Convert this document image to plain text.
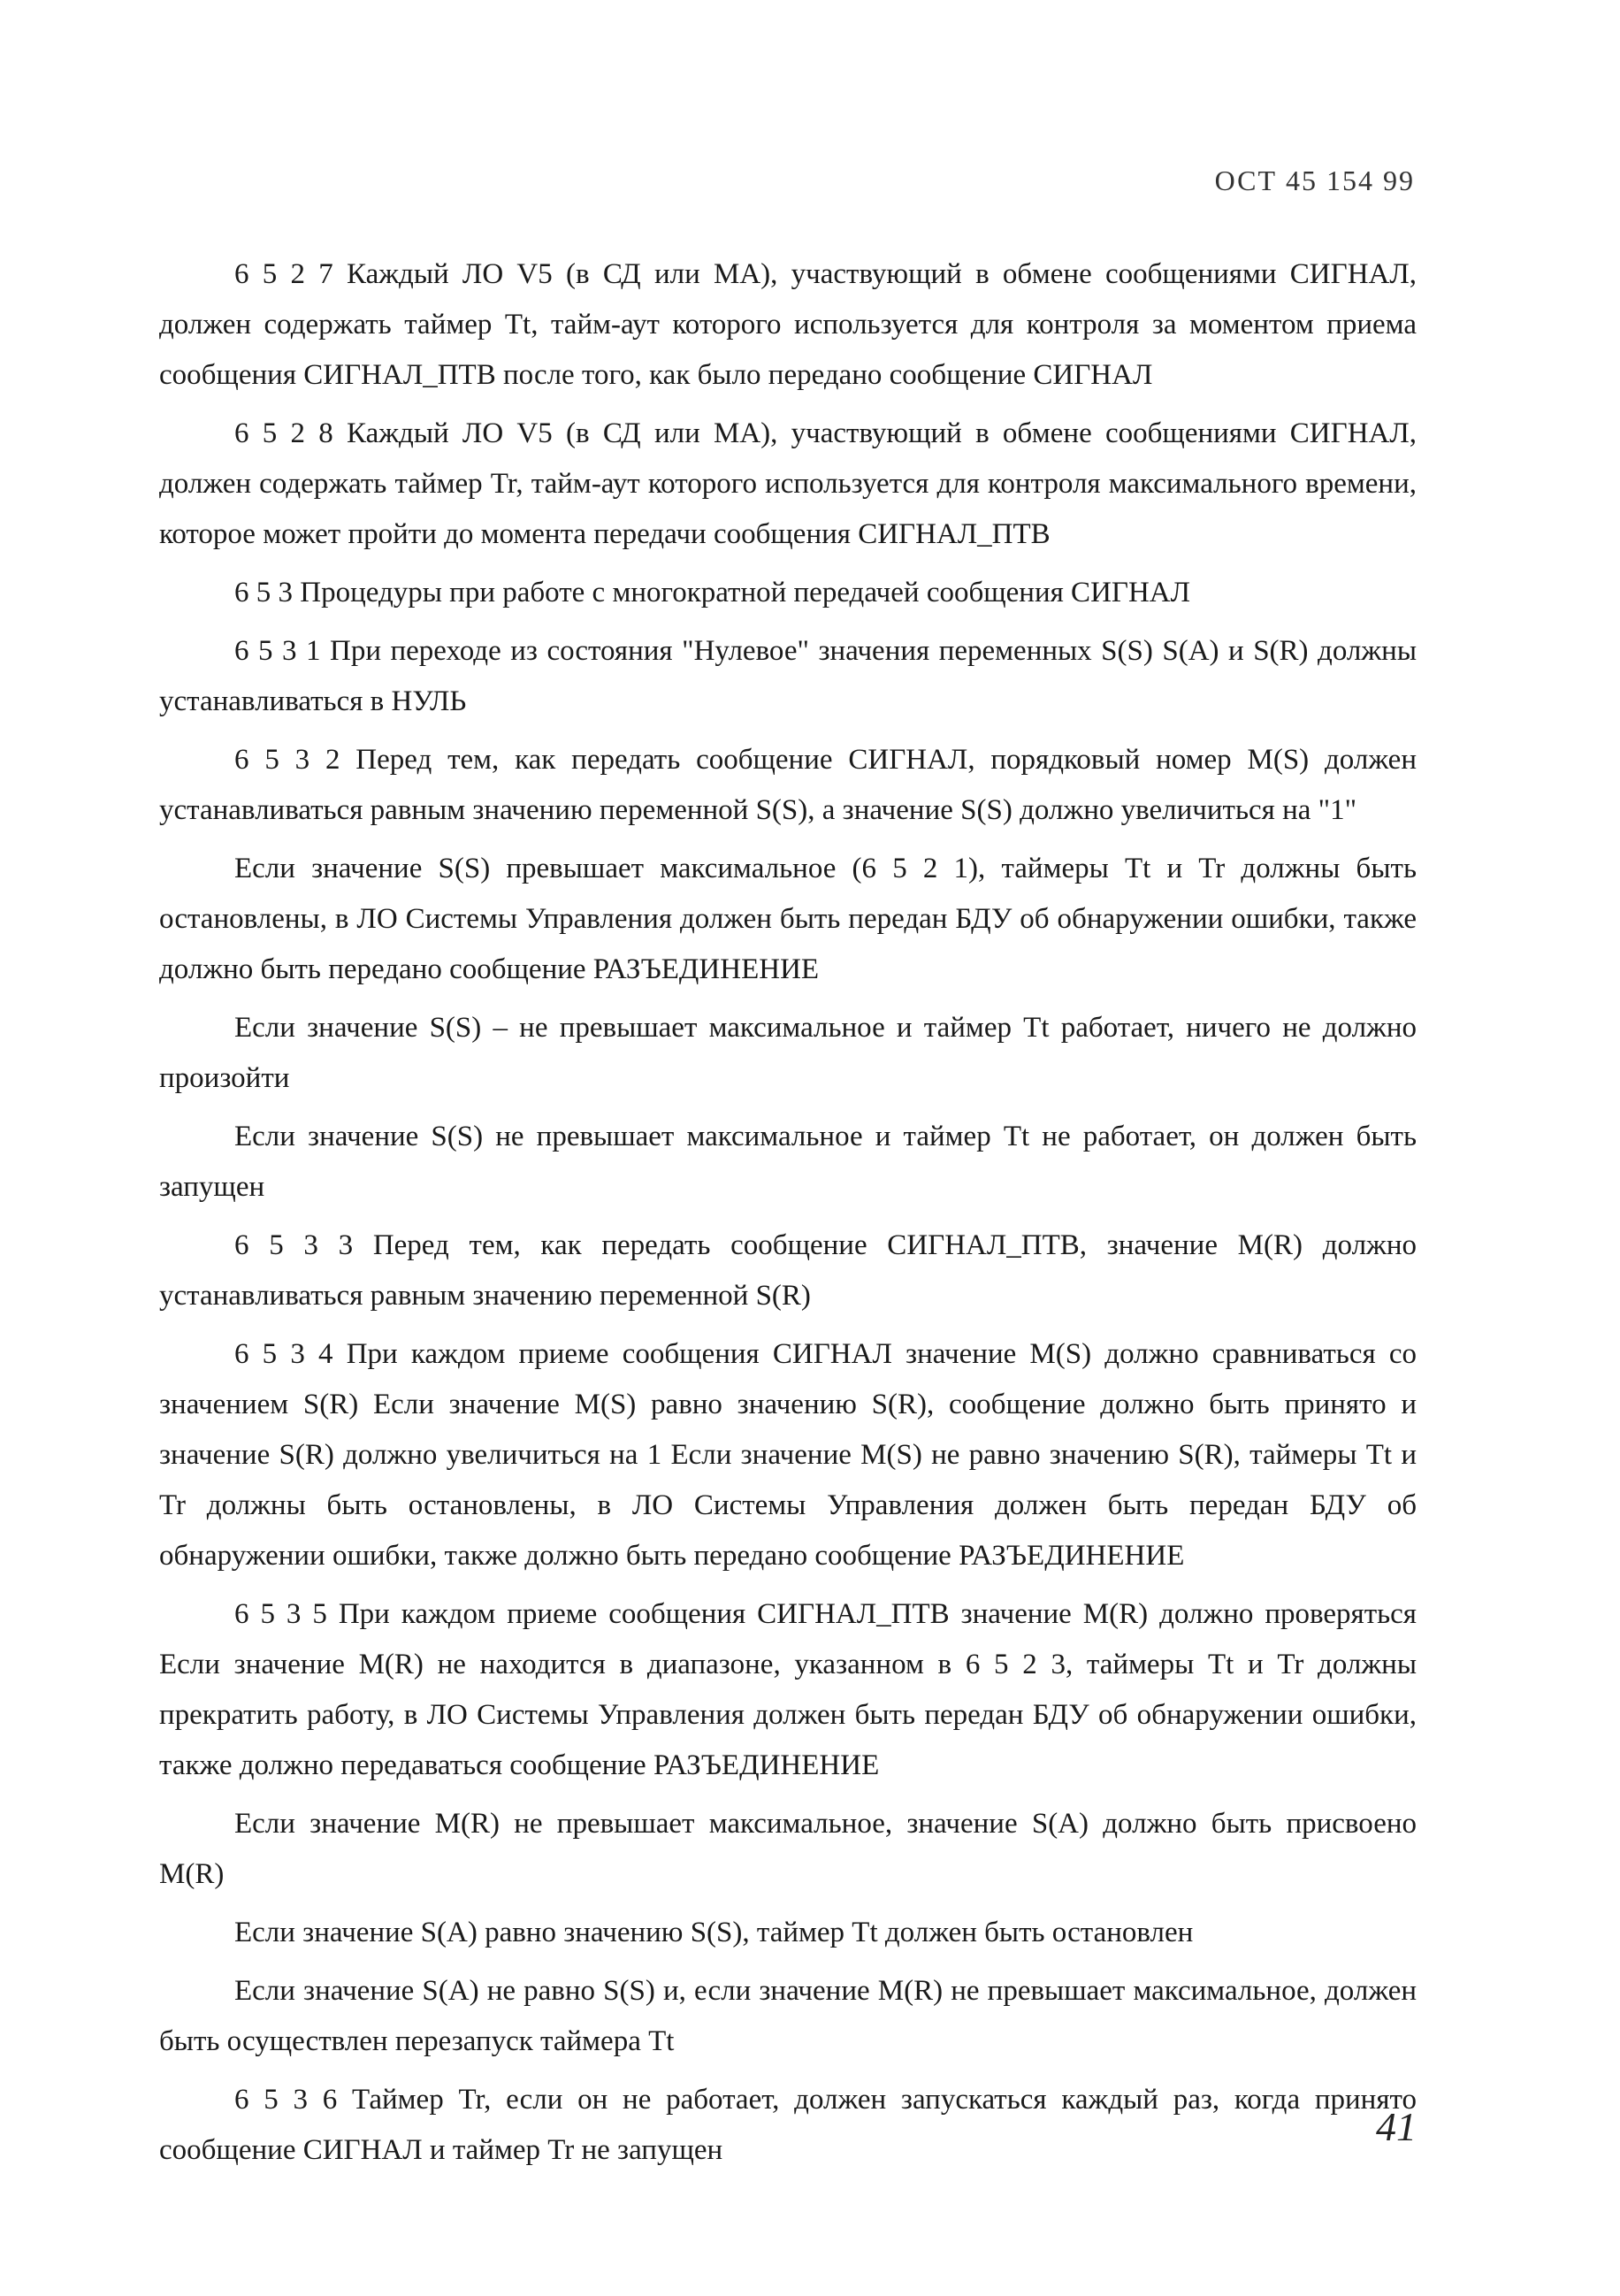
ОСТ 45 154 99

6 5 2 7 Каждый ЛО V5 (в СД или МА), участвующий в обмене сообщениями СИГНАЛ, должен содержать таймер Tt, тайм-аут которого используется для контроля за моментом приема сообщения СИГНАЛ_ПТВ после того, как было передано сообщение СИГНАЛ

6 5 2 8 Каждый ЛО V5 (в СД или МА), участвующий в обмене сообщениями СИГНАЛ, должен содержать таймер Tr, тайм-аут которого используется для контроля максимального времени, которое может пройти до момента передачи сообщения СИГНАЛ_ПТВ

6 5 3 Процедуры при работе с многократной передачей сообщения СИГНАЛ

6 5 3 1 При переходе из состояния "Нулевое" значения переменных S(S) S(A) и S(R) должны устанавливаться в НУЛЬ

6 5 3 2 Перед тем, как передать сообщение СИГНАЛ, порядковый номер M(S) должен устанавливаться равным значению переменной S(S), а значение S(S) должно увеличиться на "1"

Если значение S(S) превышает максимальное (6 5 2 1), таймеры Tt и Tr должны быть остановлены, в ЛО Системы Управления должен быть передан БДУ об обнаружении ошибки, также должно быть передано сообщение РАЗЪЕДИНЕНИЕ

Если значение S(S) – не превышает максимальное и таймер Tt работает, ничего не должно произойти

Если значение S(S) не превышает максимальное и таймер Tt не работает, он должен быть запущен

6 5 3 3 Перед тем, как передать сообщение СИГНАЛ_ПТВ, значение M(R) должно устанавливаться равным значению переменной S(R)

6 5 3 4 При каждом приеме сообщения СИГНАЛ значение M(S) должно сравниваться со значением S(R) Если значение M(S) равно значению S(R), сообщение должно быть принято и значение S(R) должно увеличиться на 1 Если значение M(S) не равно значению S(R), таймеры Tt и Tr должны быть остановлены, в ЛО Системы Управления должен быть передан БДУ об обнаружении ошибки, также должно быть передано сообщение РАЗЪЕДИНЕНИЕ

6 5 3 5 При каждом приеме сообщения СИГНАЛ_ПТВ значение M(R) должно проверяться Если значение M(R) не находится в диапазоне, указанном в 6 5 2 3, таймеры Tt и Tr должны прекратить работу, в ЛО Системы Управления должен быть передан БДУ об обнаружении ошибки, также должно передаваться сообщение РАЗЪЕДИНЕНИЕ

Если значение M(R) не превышает максимальное, значение S(A) должно быть присвоено M(R)

Если значение S(A) равно значению S(S), таймер Tt должен быть остановлен

Если значение S(A) не равно S(S) и, если значение M(R) не превышает максимальное, должен быть осуществлен перезапуск таймера Tt

6 5 3 6 Таймер Tr, если он не работает, должен запускаться каждый раз, когда принято сообщение СИГНАЛ и таймер Tr не запущен

41
